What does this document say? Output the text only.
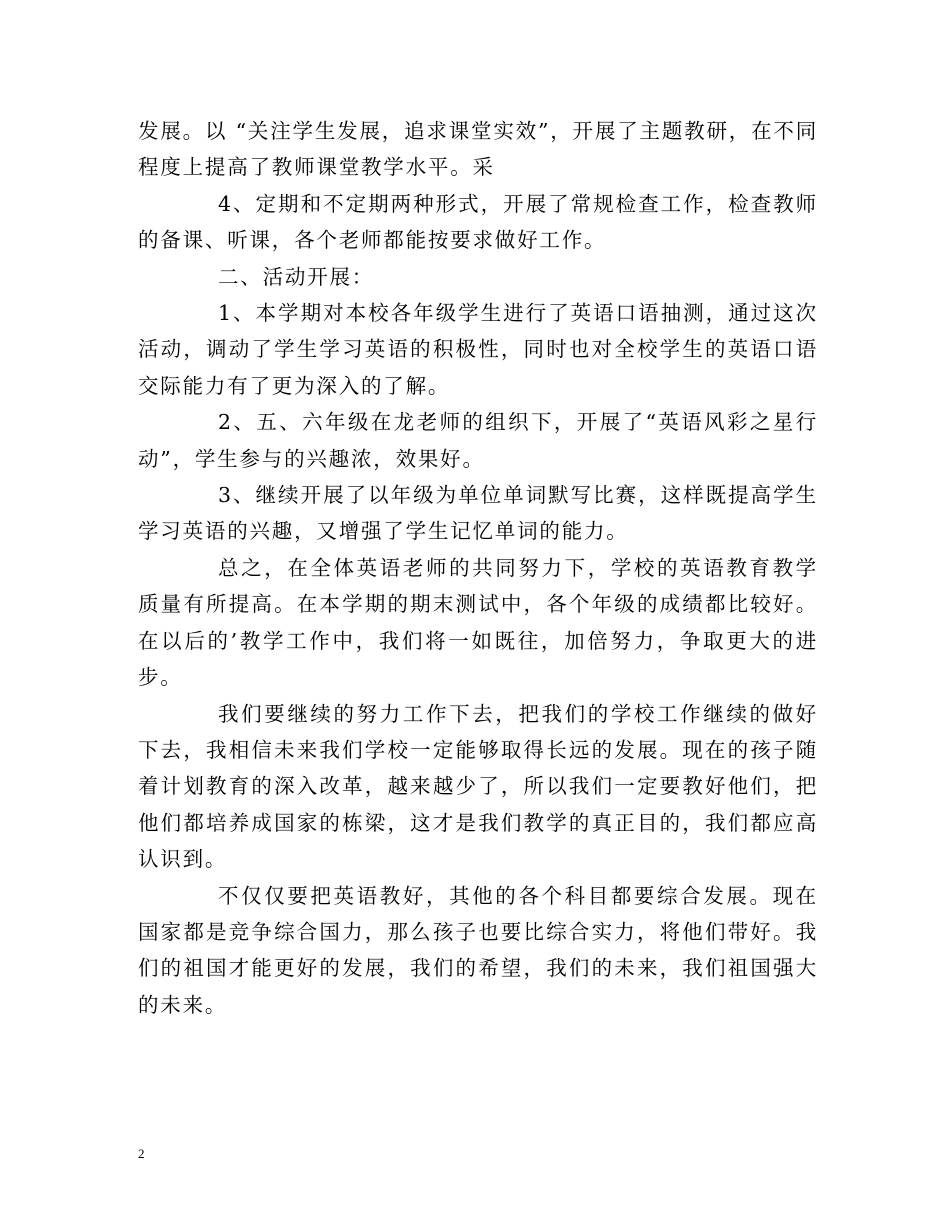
发展。以 “关注学生发展，追求课堂实效”，开展了主题教研，在不同程度上提高了教师课堂教学水平。采

4、定期和不定期两种形式，开展了常规检查工作，检查教师的备课、听课，各个老师都能按要求做好工作。

二、活动开展：

1、本学期对本校各年级学生进行了英语口语抽测，通过这次活动，调动了学生学习英语的积极性，同时也对全校学生的英语口语交际能力有了更为深入的了解。

2、五、六年级在龙老师的组织下，开展了“英语风彩之星行动”，学生参与的兴趣浓，效果好。

3、继续开展了以年级为单位单词默写比赛，这样既提高学生学习英语的兴趣，又增强了学生记忆单词的能力。

总之，在全体英语老师的共同努力下，学校的英语教育教学质量有所提高。在本学期的期末测试中，各个年级的成绩都比较好。在以后的’教学工作中，我们将一如既往，加倍努力，争取更大的进步。

我们要继续的努力工作下去，把我们的学校工作继续的做好下去，我相信未来我们学校一定能够取得长远的发展。现在的孩子随着计划教育的深入改革，越来越少了，所以我们一定要教好他们，把他们都培养成国家的栋梁，这才是我们教学的真正目的，我们都应高认识到。

不仅仅要把英语教好，其他的各个科目都要综合发展。现在国家都是竞争综合国力，那么孩子也要比综合实力，将他们带好。我们的祖国才能更好的发展，我们的希望，我们的未来，我们祖国强大的未来。

2
